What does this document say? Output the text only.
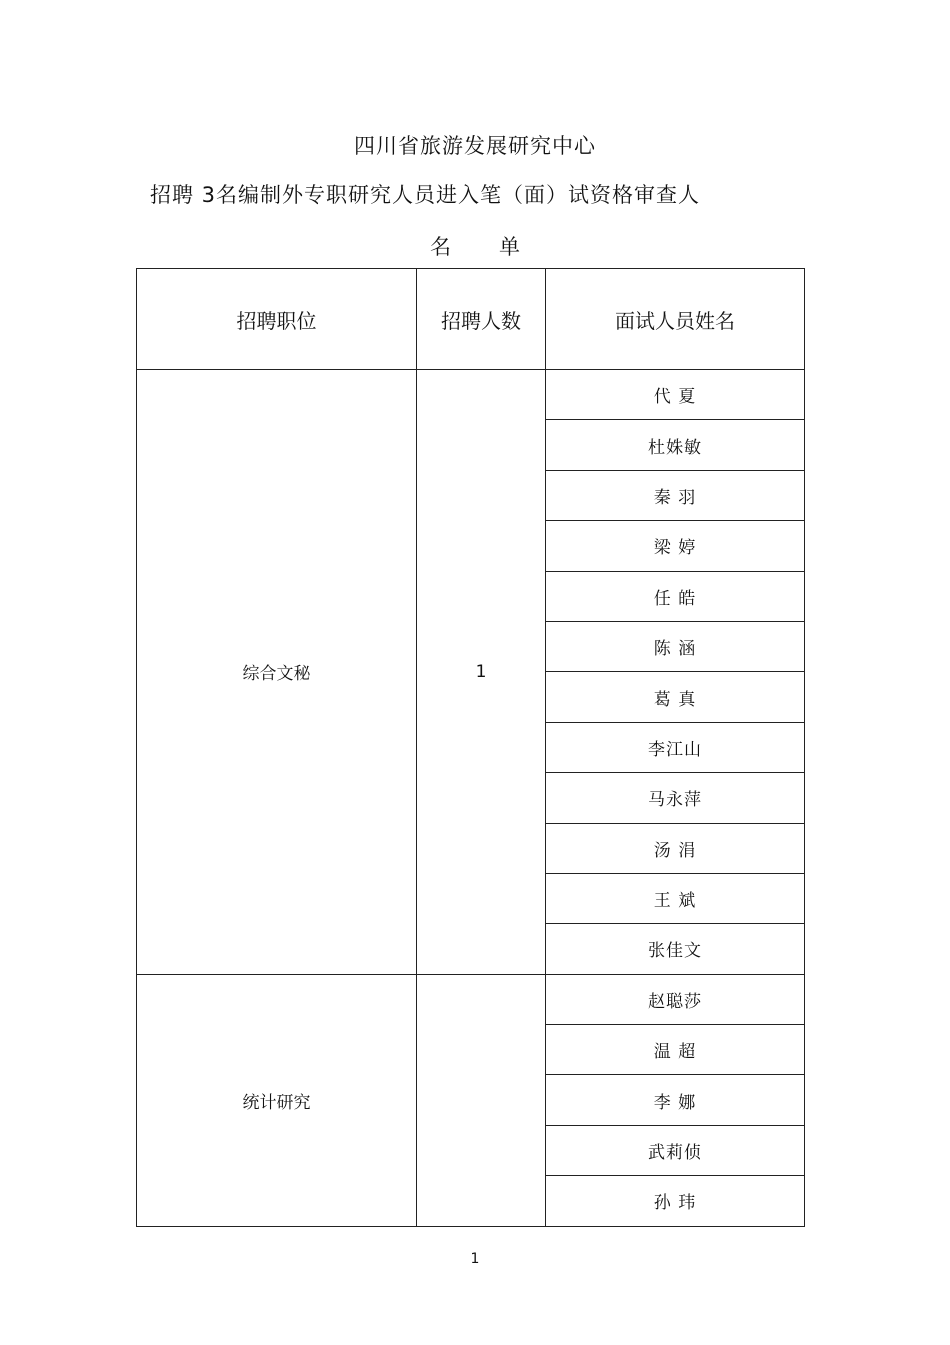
四川省旅游发展研究中心
招聘 3名编制外专职研究人员进入笔（面）试资格审查人
名单
招聘职位	招聘人数	面试人员姓名
综合文秘	1	代 夏
		杜姝敏
		秦 羽
		梁 婷
		任 皓
		陈 涵
		葛 真
		李江山
		马永萍
		汤 涓
		王 斌
		张佳文
统计研究		赵聪莎
		温 超
		李 娜
		武莉侦
		孙 玮
1
